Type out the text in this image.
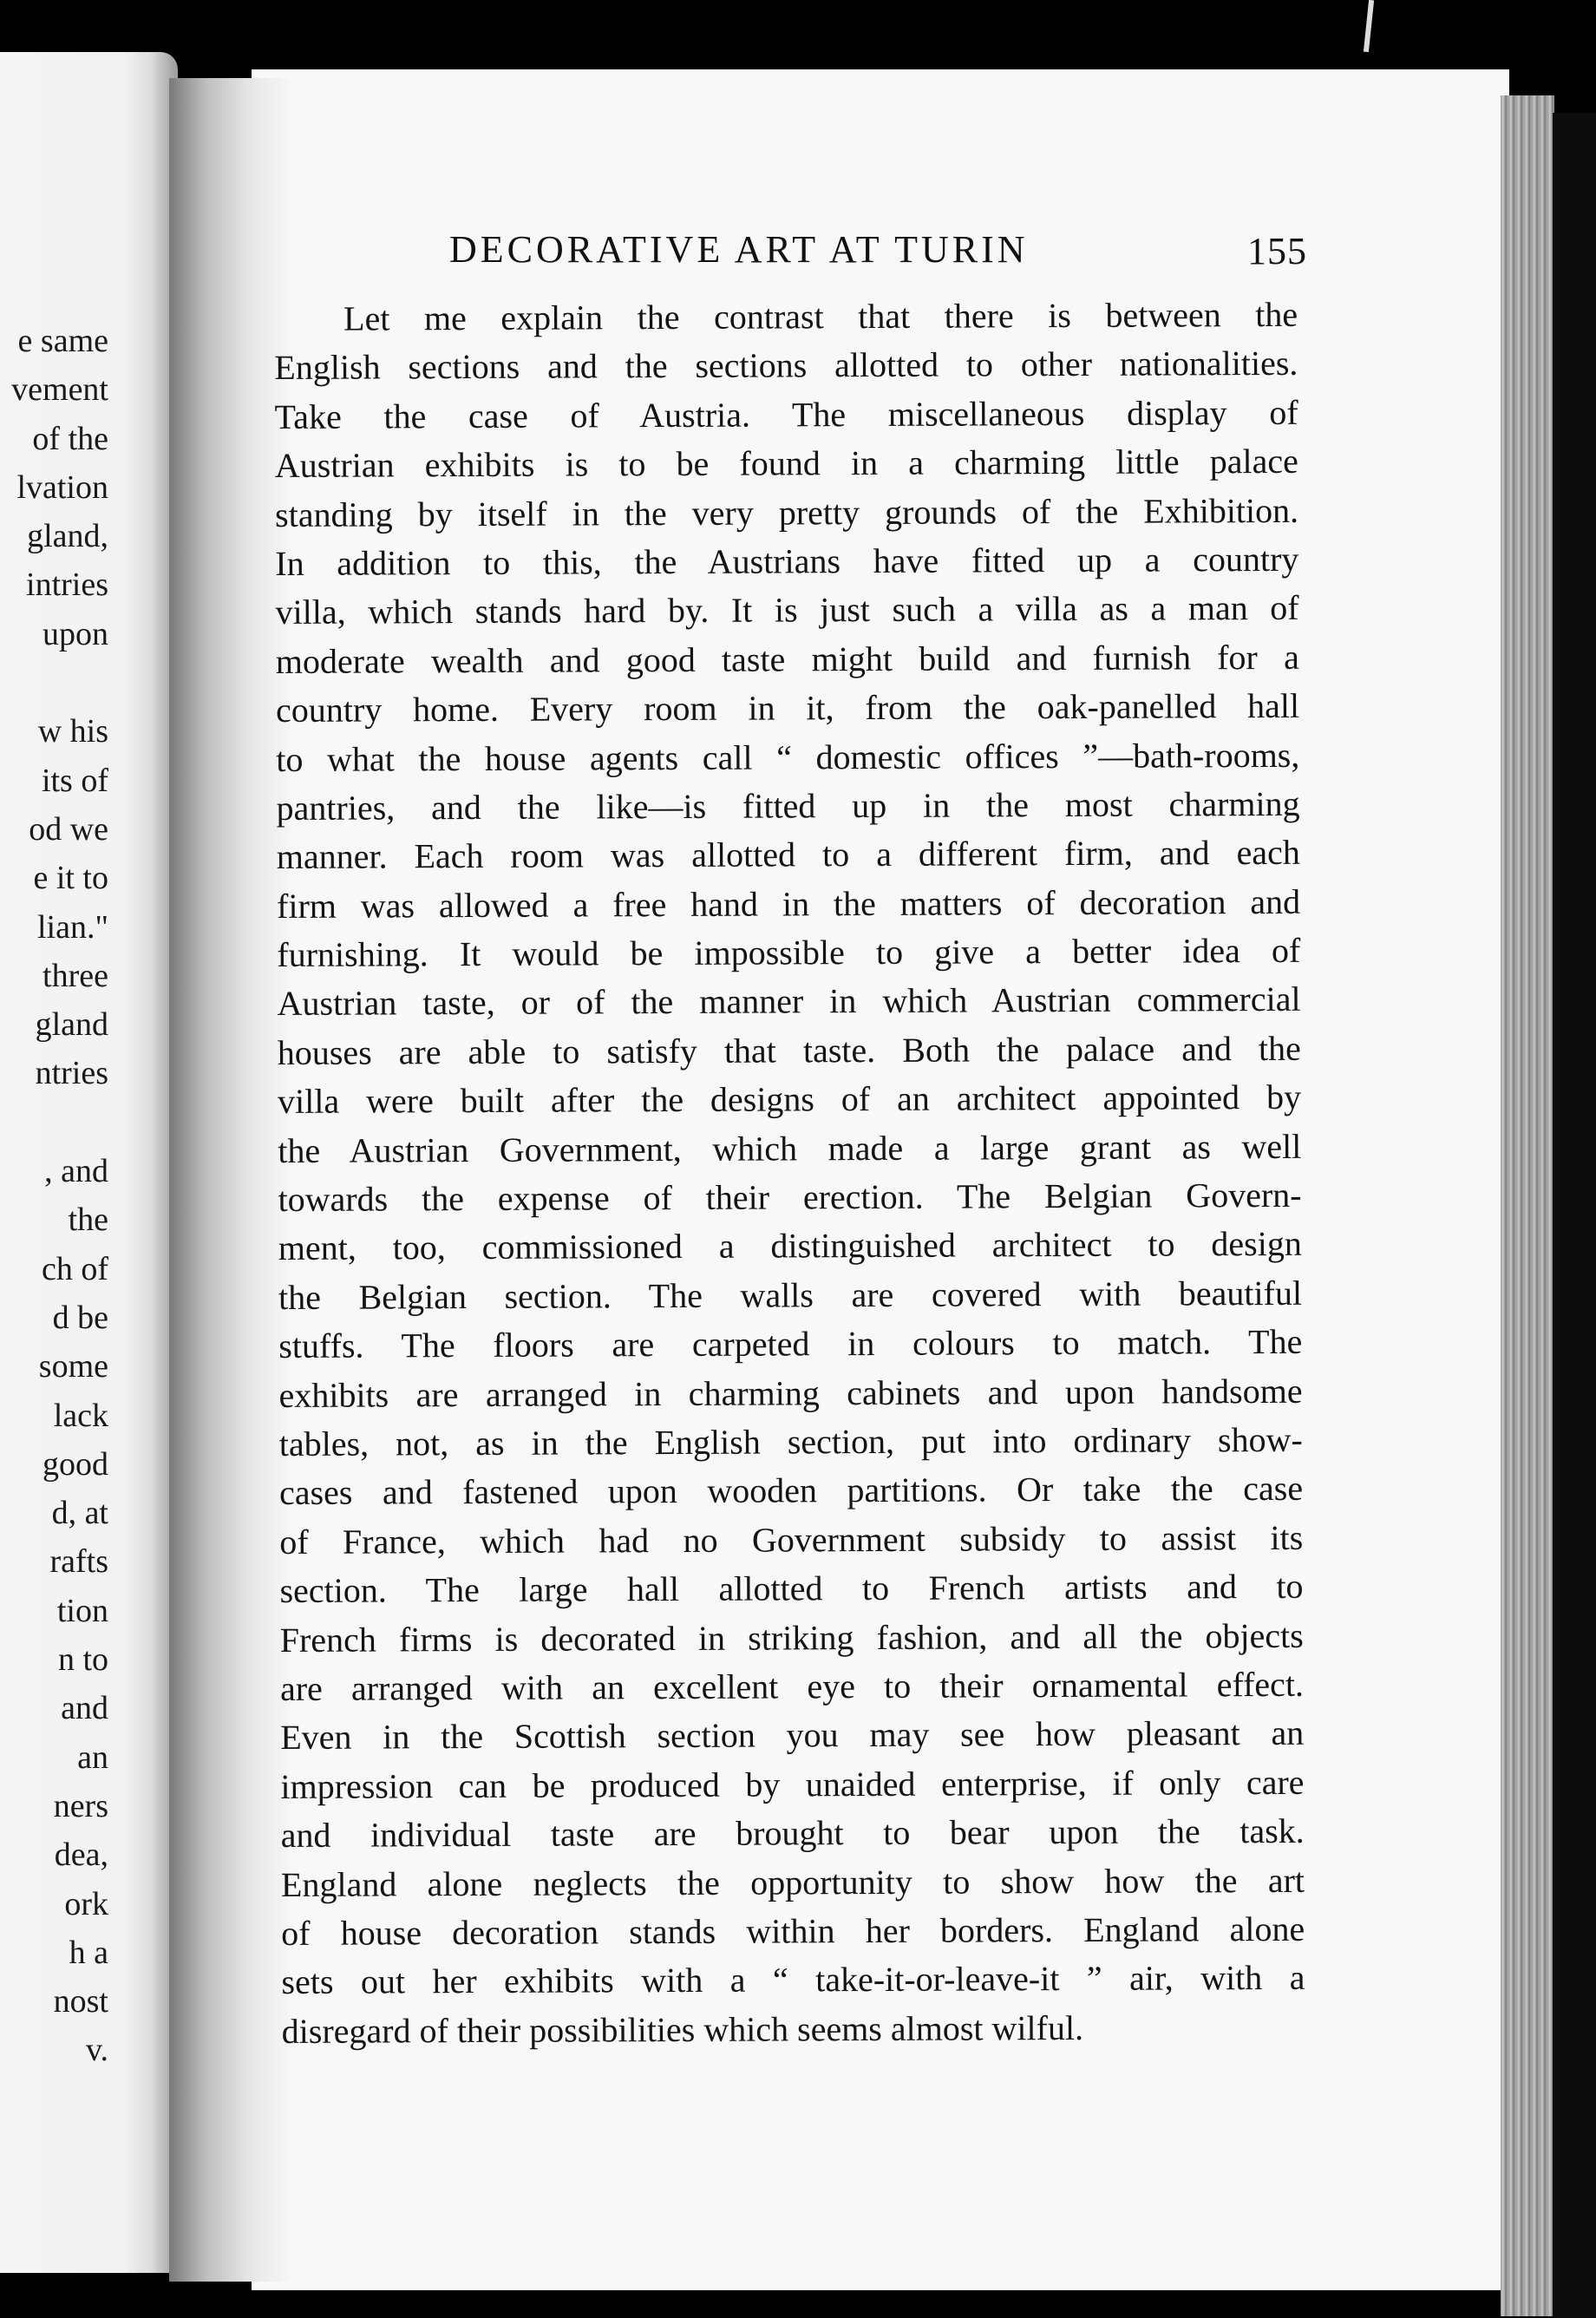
e same
vement
of the
lvation
gland,
intries
upon
w his
its of
od we
e it to
lian."
three
gland
ntries
, and
the
ch of
d be
some
lack
good
d, at
rafts
tion
n to
and
an
ners
dea,
ork
h a
nost
v.
DECORATIVE ART AT TURIN	155
Let me explain the contrast that there is between the
English sections and the sections allotted to other nationalities.
Take the case of Austria. The miscellaneous display of
Austrian exhibits is to be found in a charming little palace
standing by itself in the very pretty grounds of the Exhibition.
In addition to this, the Austrians have fitted up a country
villa, which stands hard by. It is just such a villa as a man of
moderate wealth and good taste might build and furnish for a
country home. Every room in it, from the oak-panelled hall
to what the house agents call “ domestic offices ”—bath-rooms,
pantries, and the like—is fitted up in the most charming
manner. Each room was allotted to a different firm, and each
firm was allowed a free hand in the matters of decoration and
furnishing. It would be impossible to give a better idea of
Austrian taste, or of the manner in which Austrian commercial
houses are able to satisfy that taste. Both the palace and the
villa were built after the designs of an architect appointed by
the Austrian Government, which made a large grant as well
towards the expense of their erection. The Belgian Govern-
ment, too, commissioned a distinguished architect to design
the Belgian section. The walls are covered with beautiful
stuffs. The floors are carpeted in colours to match. The
exhibits are arranged in charming cabinets and upon handsome
tables, not, as in the English section, put into ordinary show-
cases and fastened upon wooden partitions. Or take the case
of France, which had no Government subsidy to assist its
section. The large hall allotted to French artists and to
French firms is decorated in striking fashion, and all the objects
are arranged with an excellent eye to their ornamental effect.
Even in the Scottish section you may see how pleasant an
impression can be produced by unaided enterprise, if only care
and individual taste are brought to bear upon the task.
England alone neglects the opportunity to show how the art
of house decoration stands within her borders. England alone
sets out her exhibits with a “ take-it-or-leave-it ” air, with a
disregard of their possibilities which seems almost wilful.
